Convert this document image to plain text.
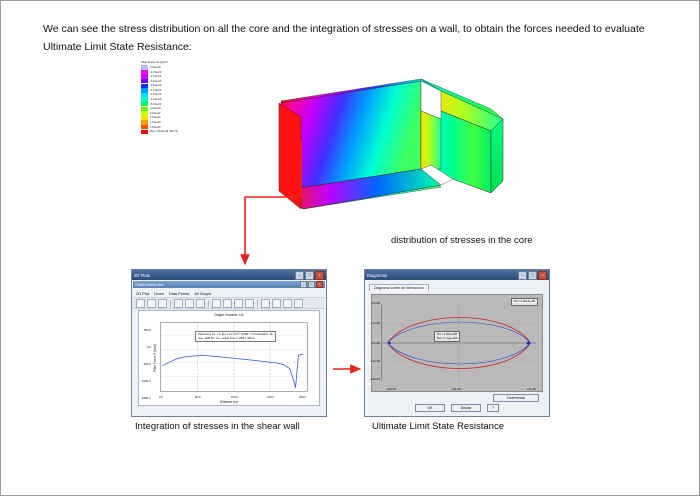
We can see the stress distribution on all the core and the integration of stresses on a wall, to obtain the forces needed to evaluate Ultimate Limit State Resistance:
Plate Stress S1 (grav)?
3.0 E+03
-4.0 E+03
-3.5 E+03
-3.0 E+03
-2.5 E+03
-2.0 E+03
-1.5 E+03
-1.0 E+03
-5.0 E+02
0.0 E+00
5.0 E+02
1.0 E+03
1.5 E+03
2.0 E+03
Max: 3.84 E+03 (N/m^2)
distribution of stresses in the core
Integration of stresses in the shear wall	Ultimate Limit State Resistance
2D Plots	–	□	×
Grafico/datos.stra	–	□	×
2D Plot Lines Data Points All Graph
Graph Number 1/1
Plate Force X (N/m)
Distance (m)
500.0
0.0
-500.0
-1000.0
-1500.0	0.0	50.0	100.0	150.0	200.0
Plate Force X1 - Int. Env. Line (1/2) * NODE = 3 Combination: 1E
max. 1498.59 / min. weight force = 1356.7 (kN/m)
Diagramas	–	□	×
Diagrama Limite de Interaccion
2 E+05
1 E+05
0 E+00
-1 E+05
-2 E+05
-2 E+05	0 E+00	2 E+05
Nd = 2.00e E+05
Nd = 2.00e+005
Md = 1.1ge+005
Determinar
OK	Anular	?
